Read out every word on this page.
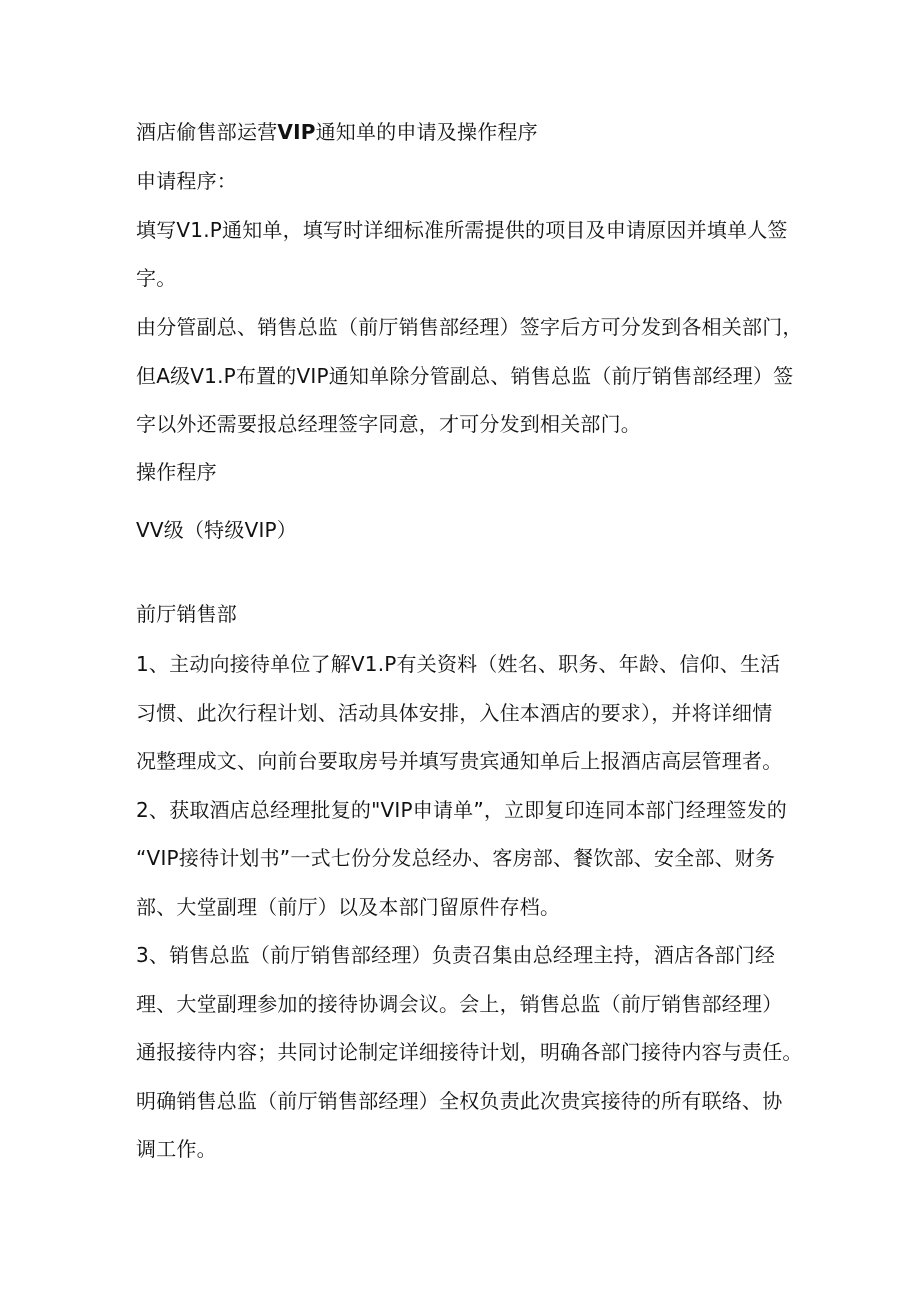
酒店偷售部运营VIP通知单的申请及操作程序
申请程序：
填写V1.P通知单，填写时详细标准所需提供的项目及申请原因并填单人签
字。
由分管副总、销售总监（前厅销售部经理）签字后方可分发到各相关部门，
但A级V1.P布置的VIP通知单除分管副总、销售总监（前厅销售部经理）签
字以外还需要报总经理签字同意，才可分发到相关部门。
操作程序
VV级（特级VIP）
前厅销售部
1、主动向接待单位了解V1.P有关资料（姓名、职务、年龄、信仰、生活
习惯、此次行程计划、活动具体安排，入住本酒店的要求），并将详细情
况整理成文、向前台要取房号并填写贵宾通知单后上报酒店高层管理者。
2、获取酒店总经理批复的"VIP申请单”，立即复印连同本部门经理签发的
“VIP接待计划书”一式七份分发总经办、客房部、餐饮部、安全部、财务
部、大堂副理（前厅）以及本部门留原件存档。
3、销售总监（前厅销售部经理）负责召集由总经理主持，酒店各部门经
理、大堂副理参加的接待协调会议。会上，销售总监（前厅销售部经理）
通报接待内容；共同讨论制定详细接待计划，明确各部门接待内容与责任。
明确销售总监（前厅销售部经理）全权负责此次贵宾接待的所有联络、协
调工作。
